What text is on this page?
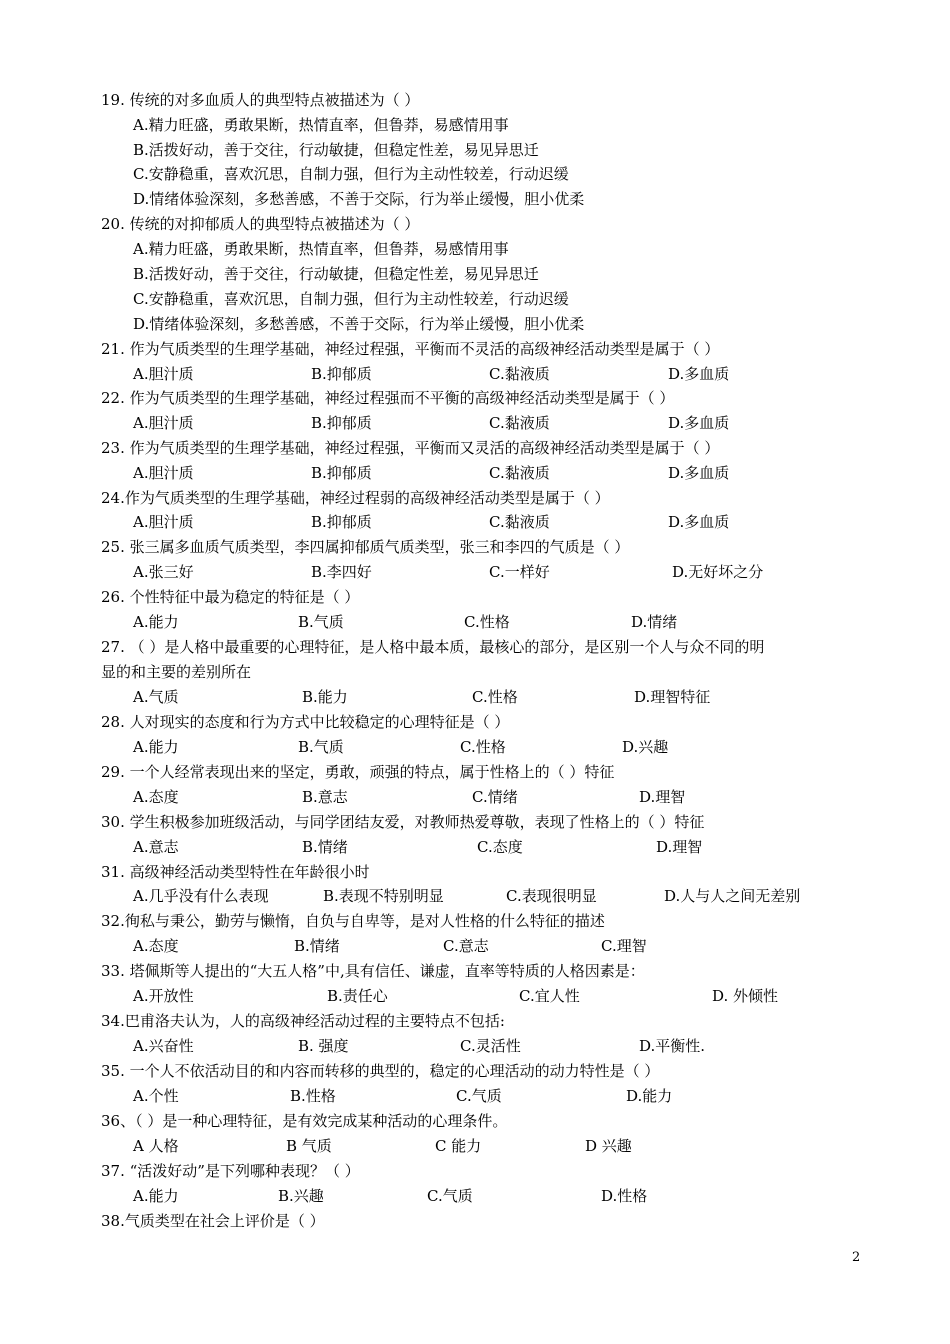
19. 传统的对多血质人的典型特点被描述为（ ）
A.精力旺盛，勇敢果断，热情直率，但鲁莽，易感情用事
B.活拨好动，善于交往，行动敏捷，但稳定性差，易见异思迁
C.安静稳重，喜欢沉思，自制力强，但行为主动性较差，行动迟缓
D.情绪体验深刻，多愁善感，不善于交际，行为举止缓慢，胆小优柔
20. 传统的对抑郁质人的典型特点被描述为（ ）
A.精力旺盛，勇敢果断，热情直率，但鲁莽，易感情用事
B.活拨好动，善于交往，行动敏捷，但稳定性差，易见异思迁
C.安静稳重，喜欢沉思，自制力强，但行为主动性较差，行动迟缓
D.情绪体验深刻，多愁善感，不善于交际，行为举止缓慢，胆小优柔
21. 作为气质类型的生理学基础，神经过程强，平衡而不灵活的高级神经活动类型是属于（ ）
A.胆汁质	B.抑郁质	C.黏液质	D.多血质
22. 作为气质类型的生理学基础，神经过程强而不平衡的高级神经活动类型是属于（ ）
A.胆汁质	B.抑郁质	C.黏液质	D.多血质
23. 作为气质类型的生理学基础，神经过程强，平衡而又灵活的高级神经活动类型是属于（ ）
A.胆汁质	B.抑郁质	C.黏液质	D.多血质
24.作为气质类型的生理学基础，神经过程弱的高级神经活动类型是属于（ ）
A.胆汁质	B.抑郁质	C.黏液质	D.多血质
25. 张三属多血质气质类型，李四属抑郁质气质类型，张三和李四的气质是（ ）
A.张三好	B.李四好	C.一样好	D.无好坏之分
26. 个性特征中最为稳定的特征是（ ）
A.能力	B.气质	C.性格	D.情绪
27. （ ）是人格中最重要的心理特征，是人格中最本质，最核心的部分，是区别一个人与众不同的明
显的和主要的差别所在
A.气质	B.能力	C.性格	D.理智特征
28. 人对现实的态度和行为方式中比较稳定的心理特征是（ ）
A.能力	B.气质	C.性格	D.兴趣
29. 一个人经常表现出来的坚定，勇敢，顽强的特点，属于性格上的（ ）特征
A.态度	B.意志	C.情绪	D.理智
30. 学生积极参加班级活动，与同学团结友爱，对教师热爱尊敬，表现了性格上的（ ）特征
A.意志	B.情绪	C.态度	D.理智
31. 高级神经活动类型特性在年龄很小时
A.几乎没有什么表现	B.表现不特别明显	C.表现很明显	D.人与人之间无差别
32.徇私与秉公，勤劳与懒惰，自负与自卑等，是对人性格的什么特征的描述
A.态度	B.情绪	C.意志	C.理智
33. 塔佩斯等人提出的“大五人格”中,具有信任、谦虚，直率等特质的人格因素是：
A.开放性	B.责任心	C.宜人性	D. 外倾性
34.巴甫洛夫认为，人的高级神经活动过程的主要特点不包括:
A.兴奋性	B. 强度	C.灵活性	D.平衡性.
35. 一个人不依活动目的和内容而转移的典型的，稳定的心理活动的动力特性是（ ）
A.个性	B.性格	C.气质	D.能力
36、（ ）是一种心理特征，是有效完成某种活动的心理条件。
A 人格	B 气质	C 能力	D 兴趣
37. “活泼好动”是下列哪种表现？（ ）
A.能力	B.兴趣	C.气质	D.性格
38.气质类型在社会上评价是（ ）
2
